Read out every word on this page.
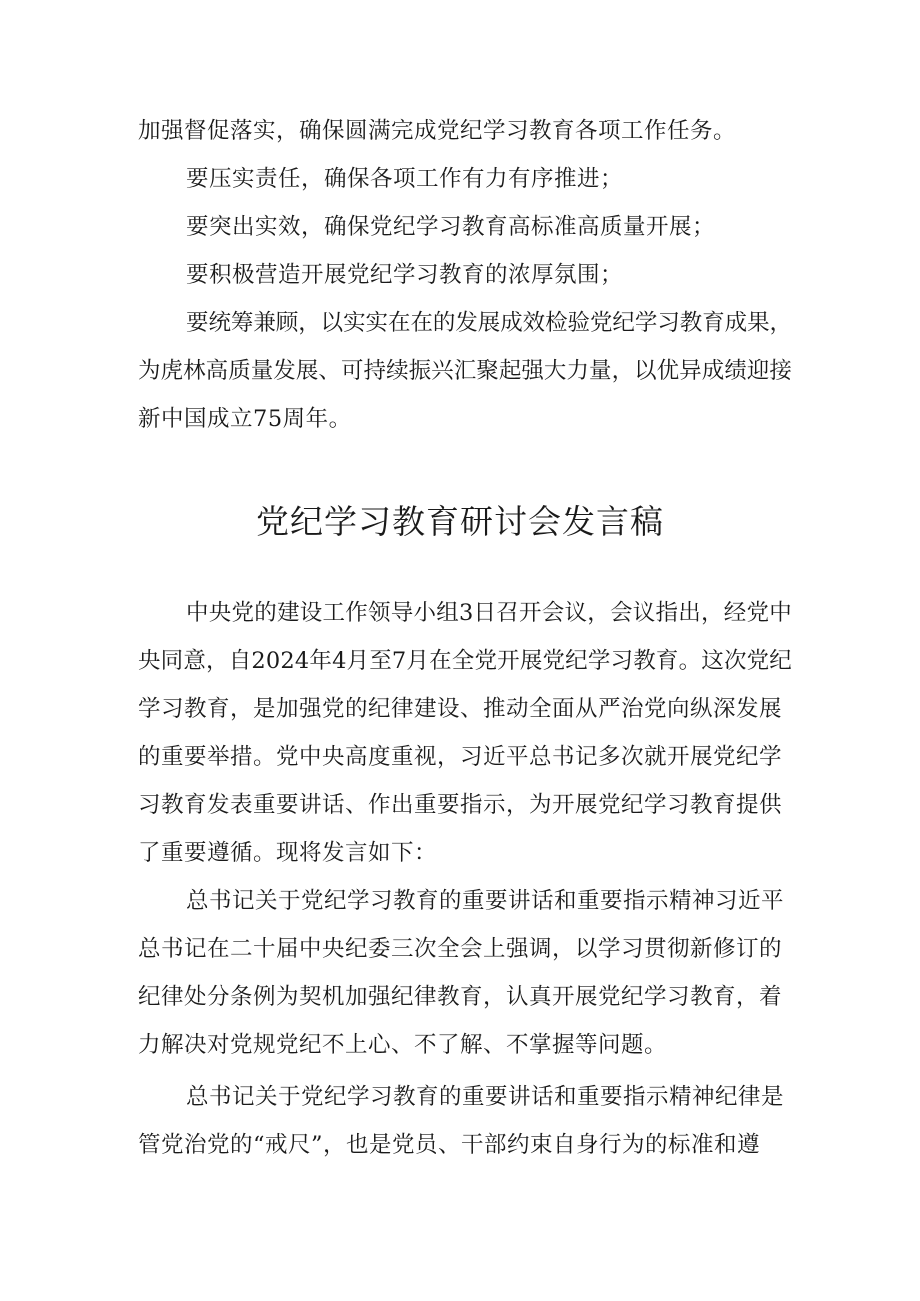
加强督促落实，确保圆满完成党纪学习教育各项工作任务。
要压实责任，确保各项工作有力有序推进；
要突出实效，确保党纪学习教育高标准高质量开展；
要积极营造开展党纪学习教育的浓厚氛围；
要统筹兼顾，以实实在在的发展成效检验党纪学习教育成果，
为虎林高质量发展、可持续振兴汇聚起强大力量，以优异成绩迎接
新中国成立75周年。
党纪学习教育研讨会发言稿
中央党的建设工作领导小组3日召开会议，会议指出，经党中
央同意，自2024年4月至7月在全党开展党纪学习教育。这次党纪
学习教育，是加强党的纪律建设、推动全面从严治党向纵深发展
的重要举措。党中央高度重视，习近平总书记多次就开展党纪学
习教育发表重要讲话、作出重要指示，为开展党纪学习教育提供
了重要遵循。现将发言如下：
总书记关于党纪学习教育的重要讲话和重要指示精神习近平
总书记在二十届中央纪委三次全会上强调，以学习贯彻新修订的
纪律处分条例为契机加强纪律教育，认真开展党纪学习教育，着
力解决对党规党纪不上心、不了解、不掌握等问题。
总书记关于党纪学习教育的重要讲话和重要指示精神纪律是
管党治党的“戒尺”，也是党员、干部约束自身行为的标准和遵
